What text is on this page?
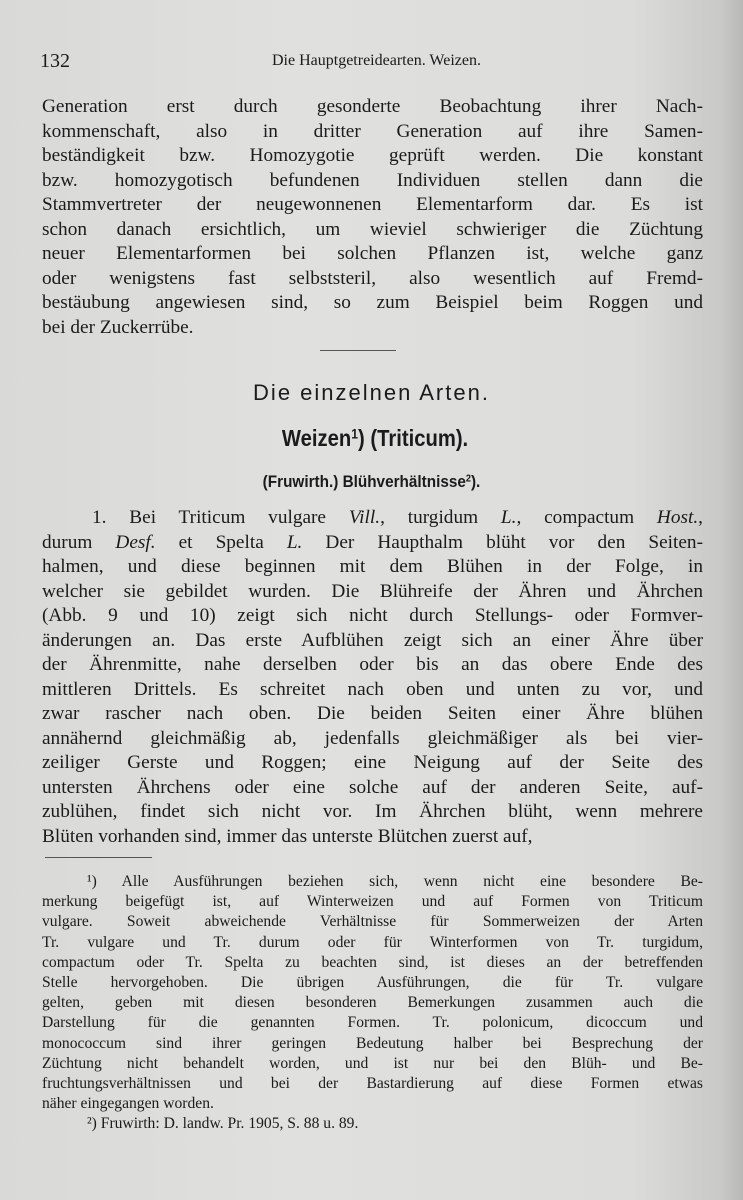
132	Die Hauptgetreidearten. Weizen.
Generation erst durch gesonderte Beobachtung ihrer Nach-
kommenschaft, also in dritter Generation auf ihre Samen-
beständigkeit bzw. Homozygotie geprüft werden. Die konstant
bzw. homozygotisch befundenen Individuen stellen dann die
Stammvertreter der neugewonnenen Elementarform dar. Es ist
schon danach ersichtlich, um wieviel schwieriger die Züchtung
neuer Elementarformen bei solchen Pflanzen ist, welche ganz
oder wenigstens fast selbststeril, also wesentlich auf Fremd-
bestäubung angewiesen sind, so zum Beispiel beim Roggen und
bei der Zuckerrübe.
Die einzelnen Arten.
Weizen$^1$) (Triticum).
(Fruwirth.) Blühverhältnisse$^2$).
1. Bei Triticum vulgare Vill., turgidum L., compactum Host.,
durum Desf. et Spelta L. Der Haupthalm blüht vor den Seiten-
halmen, und diese beginnen mit dem Blühen in der Folge, in
welcher sie gebildet wurden. Die Blühreife der Ähren und Ährchen
(Abb. 9 und 10) zeigt sich nicht durch Stellungs- oder Formver-
änderungen an. Das erste Aufblühen zeigt sich an einer Ähre über
der Ährenmitte, nahe derselben oder bis an das obere Ende des
mittleren Drittels. Es schreitet nach oben und unten zu vor, und
zwar rascher nach oben. Die beiden Seiten einer Ähre blühen
annähernd gleichmäßig ab, jedenfalls gleichmäßiger als bei vier-
zeiliger Gerste und Roggen; eine Neigung auf der Seite des
untersten Ährchens oder eine solche auf der anderen Seite, auf-
zublühen, findet sich nicht vor. Im Ährchen blüht, wenn mehrere
Blüten vorhanden sind, immer das unterste Blütchen zuerst auf,
¹) Alle Ausführungen beziehen sich, wenn nicht eine besondere Be-
merkung beigefügt ist, auf Winterweizen und auf Formen von Triticum
vulgare. Soweit abweichende Verhältnisse für Sommerweizen der Arten
Tr. vulgare und Tr. durum oder für Winterformen von Tr. turgidum,
compactum oder Tr. Spelta zu beachten sind, ist dieses an der betreffenden
Stelle hervorgehoben. Die übrigen Ausführungen, die für Tr. vulgare
gelten, geben mit diesen besonderen Bemerkungen zusammen auch die
Darstellung für die genannten Formen. Tr. polonicum, dicoccum und
monococcum sind ihrer geringen Bedeutung halber bei Besprechung der
Züchtung nicht behandelt worden, und ist nur bei den Blüh- und Be-
fruchtungsverhältnissen und bei der Bastardierung auf diese Formen etwas
näher eingegangen worden.
²) Fruwirth: D. landw. Pr. 1905, S. 88 u. 89.
